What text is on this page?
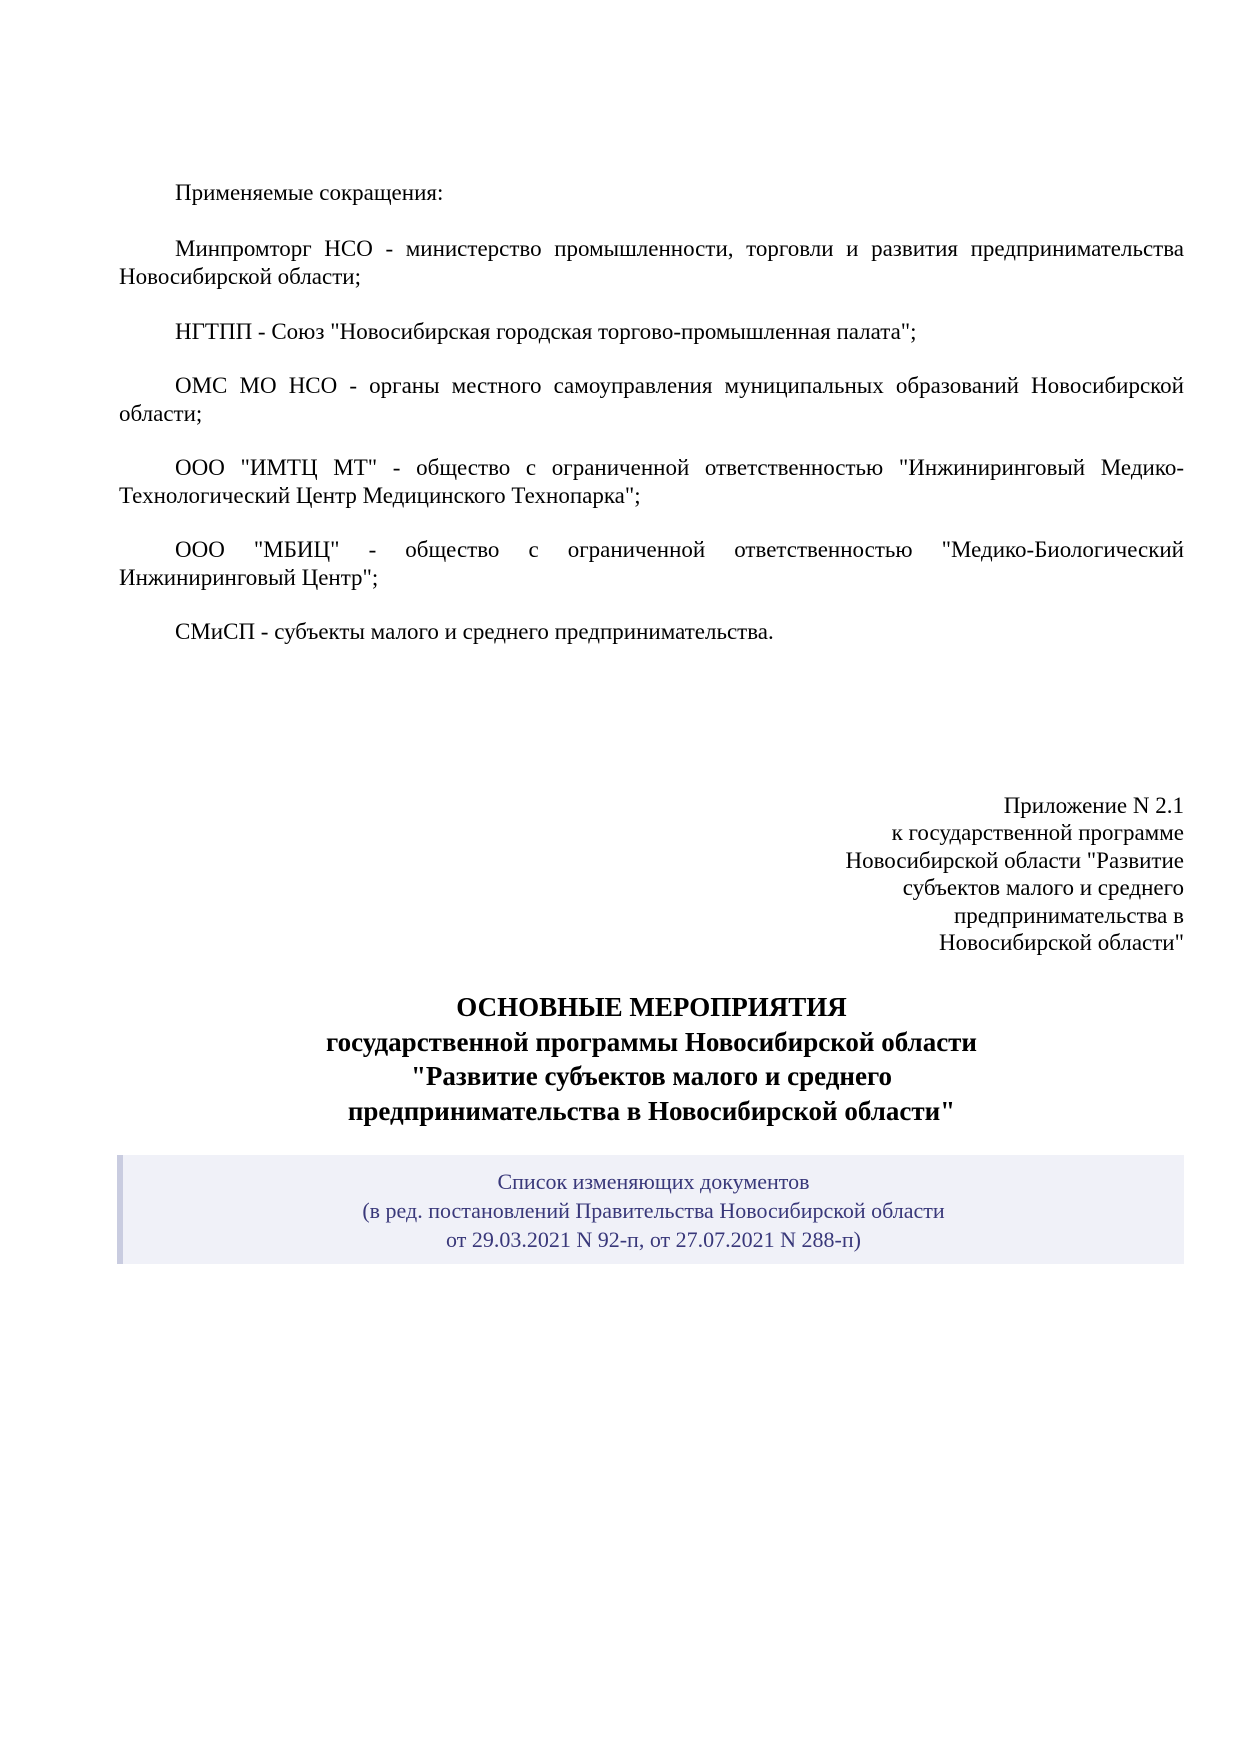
Применяемые сокращения:

Минпромторг НСО - министерство промышленности, торговли и развития предпринимательства Новосибирской области;

НГТПП - Союз "Новосибирская городская торгово-промышленная палата";

ОМС МО НСО - органы местного самоуправления муниципальных образований Новосибирской области;

ООО "ИМТЦ МТ" - общество с ограниченной ответственностью "Инжиниринговый Медико-Технологический Центр Медицинского Технопарка";

ООО "МБИЦ" - общество с ограниченной ответственностью "Медико-Биологический Инжиниринговый Центр";

СМиСП - субъекты малого и среднего предпринимательства.

Приложение N 2.1
к государственной программе
Новосибирской области "Развитие
субъектов малого и среднего
предпринимательства в
Новосибирской области"
ОСНОВНЫЕ МЕРОПРИЯТИЯ
государственной программы Новосибирской области
"Развитие субъектов малого и среднего
предпринимательства в Новосибирской области"
Список изменяющих документов
(в ред. постановлений Правительства Новосибирской области
от 29.03.2021 N 92-п, от 27.07.2021 N 288-п)
